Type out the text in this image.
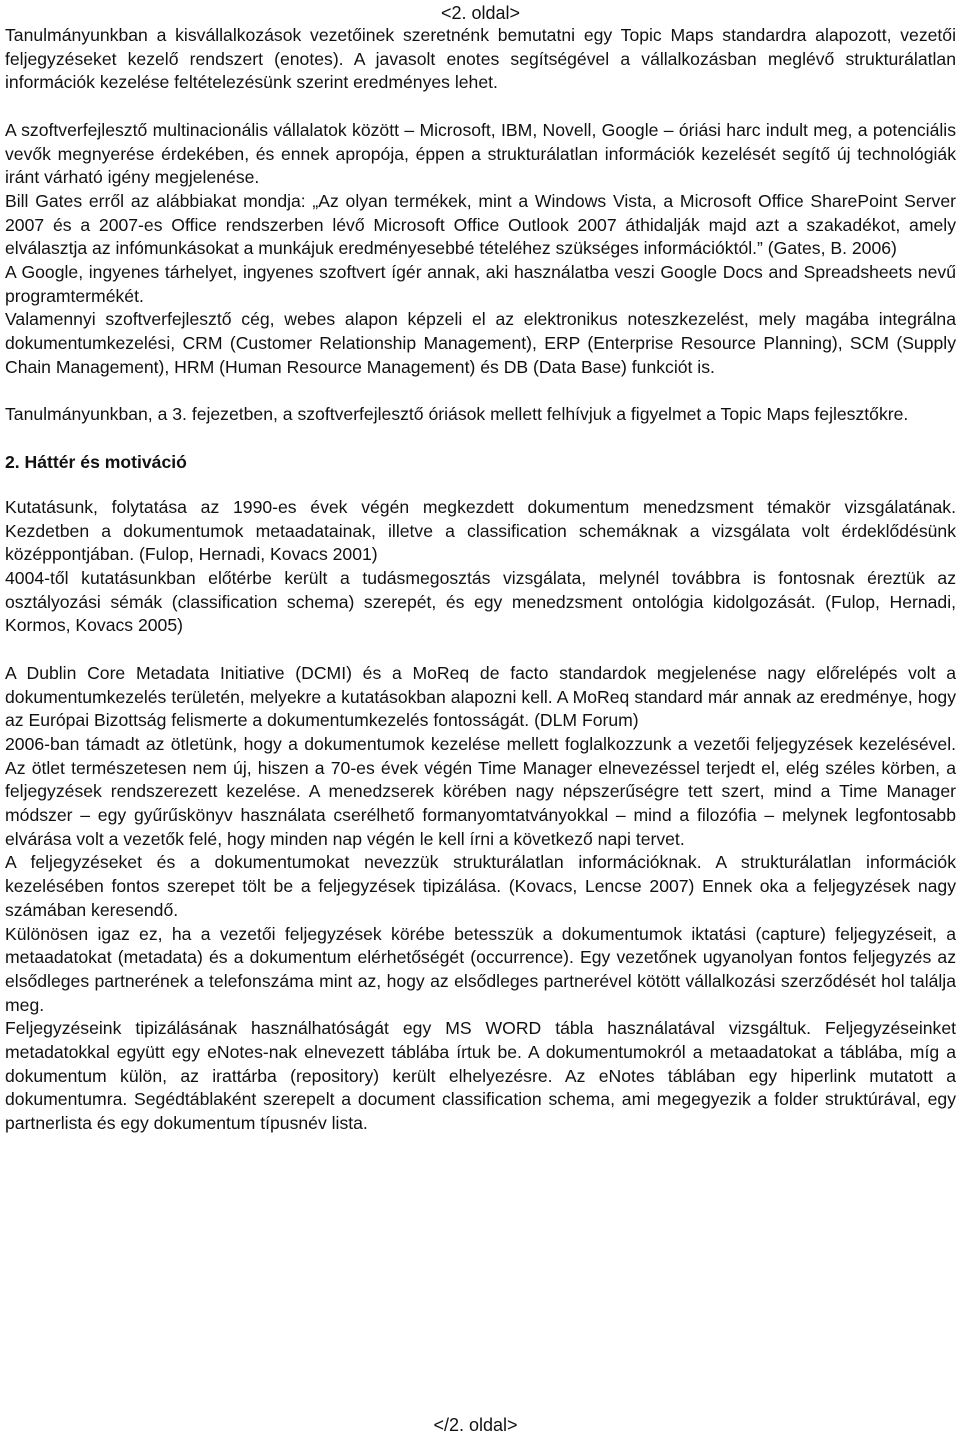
<2. oldal>

Tanulmányunkban a kisvállalkozások vezetőinek szeretnénk bemutatni egy Topic Maps standardra alapozott, vezetői feljegyzéseket kezelő rendszert (enotes). A javasolt enotes segítségével a vállalkozásban meglévő strukturálatlan információk kezelése feltételezésünk szerint eredményes lehet.

A szoftverfejlesztő multinacionális vállalatok között – Microsoft, IBM, Novell, Google – óriási harc indult meg, a potenciális vevők megnyerése érdekében, és ennek apropója, éppen a strukturálatlan információk kezelését segítő új technológiák iránt várható igény megjelenése.

Bill Gates erről az alábbiakat mondja: „Az olyan termékek, mint a Windows Vista, a Microsoft Office SharePoint Server 2007 és a 2007-es Office rendszerben lévő Microsoft Office Outlook 2007 áthidalják majd azt a szakadékot, amely elválasztja az infómunkásokat a munkájuk eredményesebbé tételéhez szükséges információktól.” (Gates, B. 2006)

A Google, ingyenes tárhelyet, ingyenes szoftvert ígér annak, aki használatba veszi Google Docs and Spreadsheets nevű programtermékét.

Valamennyi szoftverfejlesztő cég, webes alapon képzeli el az elektronikus noteszkezelést, mely magába integrálna dokumentumkezelési, CRM (Customer Relationship Management), ERP (Enterprise Resource Planning), SCM (Supply Chain Management), HRM (Human Resource Management) és DB (Data Base) funkciót is.

Tanulmányunkban, a 3. fejezetben, a szoftverfejlesztő óriások mellett felhívjuk a figyelmet a Topic Maps fejlesztőkre.

2. Háttér és motiváció

Kutatásunk, folytatása az 1990-es évek végén megkezdett dokumentum menedzsment témakör vizsgálatának. Kezdetben a dokumentumok metaadatainak, illetve a classification schemáknak a vizsgálata volt érdeklődésünk középpontjában. (Fulop, Hernadi, Kovacs 2001)

4004-től kutatásunkban előtérbe került a tudásmegosztás vizsgálata, melynél továbbra is fontosnak éreztük az osztályozási sémák (classification schema) szerepét, és egy menedzsment ontológia kidolgozását. (Fulop, Hernadi, Kormos, Kovacs 2005)

A Dublin Core Metadata Initiative (DCMI) és a MoReq de facto standardok megjelenése nagy előrelépés volt a dokumentumkezelés területén, melyekre a kutatásokban alapozni kell. A MoReq standard már annak az eredménye, hogy az Európai Bizottság felismerte a dokumentumkezelés fontosságát. (DLM Forum)

2006-ban támadt az ötletünk, hogy a dokumentumok kezelése mellett foglalkozzunk a vezetői feljegyzések kezelésével. Az ötlet természetesen nem új, hiszen a 70-es évek végén Time Manager elnevezéssel terjedt el, elég széles körben, a feljegyzések rendszerezett kezelése. A menedzserek körében nagy népszerűségre tett szert, mind a Time Manager módszer – egy gyűrűskönyv használata cserélhető formanyomtatványokkal – mind a filozófia – melynek legfontosabb elvárása volt a vezetők felé, hogy minden nap végén le kell írni a következő napi tervet.

A feljegyzéseket és a dokumentumokat nevezzük strukturálatlan információknak. A strukturálatlan információk kezelésében fontos szerepet tölt be a feljegyzések tipizálása. (Kovacs, Lencse 2007) Ennek oka a feljegyzések nagy számában keresendő.

Különösen igaz ez, ha a vezetői feljegyzések körébe betesszük a dokumentumok iktatási (capture) feljegyzéseit, a metaadatokat (metadata) és a dokumentum elérhetőségét (occurrence). Egy vezetőnek ugyanolyan fontos feljegyzés az elsődleges partnerének a telefonszáma mint az, hogy az elsődleges partnerével kötött vállalkozási szerződését hol találja meg.

Feljegyzéseink tipizálásának használhatóságát egy MS WORD tábla használatával vizsgáltuk. Feljegyzéseinket metadatokkal együtt egy eNotes-nak elnevezett táblába írtuk be. A dokumentumokról a metaadatokat a táblába, míg a dokumentum külön, az irattárba (repository) került elhelyezésre. Az eNotes táblában egy hiperlink mutatott a dokumentumra. Segédtáblaként szerepelt a document classification schema, ami megegyezik a folder struktúrával, egy partnerlista és egy dokumentum típusnév lista.

</2. oldal>
